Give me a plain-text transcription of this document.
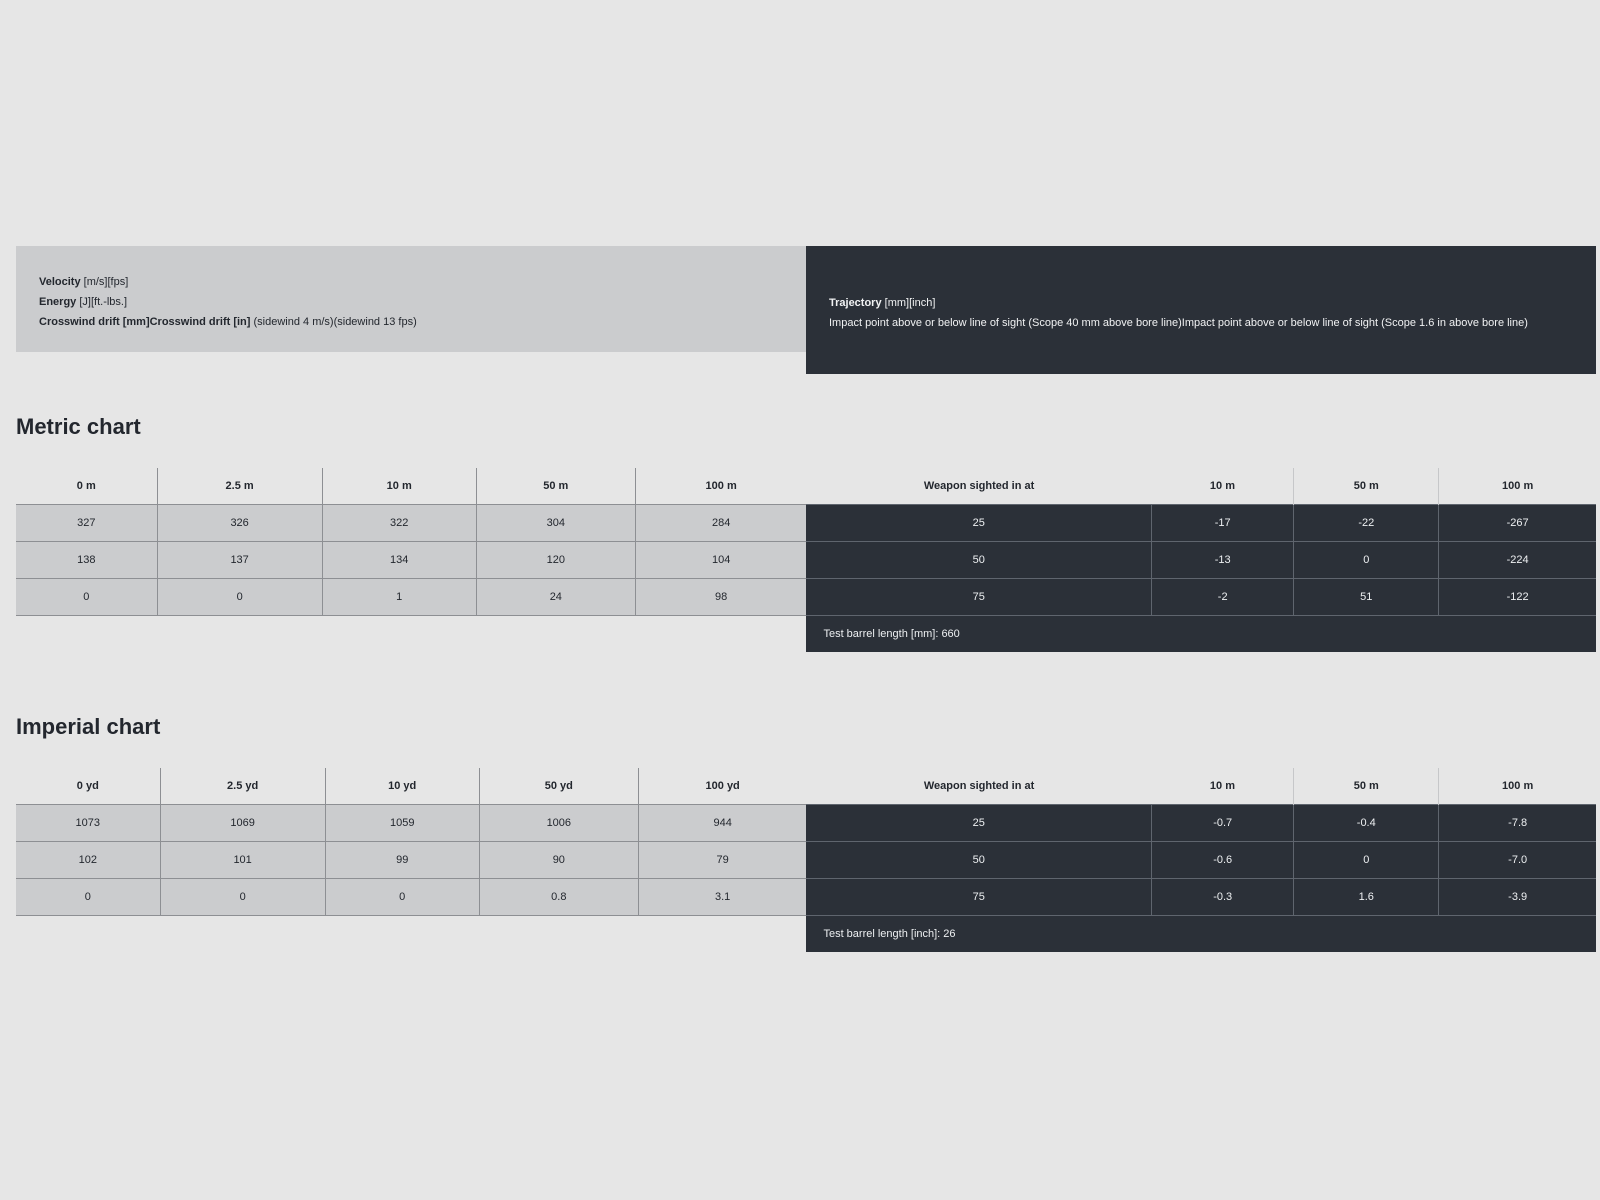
Velocity [m/s][fps]
Energy [J][ft.-lbs.]
Crosswind drift [mm]Crosswind drift [in] (sidewind 4 m/s)(sidewind 13 fps)
Trajectory [mm][inch]
Impact point above or below line of sight (Scope 40 mm above bore line)Impact point above or below line of sight (Scope 1.6 in above bore line)
Metric chart
0 m	2.5 m	10 m	50 m	100 m	Weapon sighted in at	10 m	50 m	100 m
327	326	322	304	284	25	-17	-22	-267
138	137	134	120	104	50	-13	0	-224
0	0	1	24	98	75	-2	51	-122
					Test barrel length [mm]: 660			
Imperial chart
0 yd	2.5 yd	10 yd	50 yd	100 yd	Weapon sighted in at	10 m	50 m	100 m
1073	1069	1059	1006	944	25	-0.7	-0.4	-7.8
102	101	99	90	79	50	-0.6	0	-7.0
0	0	0	0.8	3.1	75	-0.3	1.6	-3.9
					Test barrel length [inch]: 26			
